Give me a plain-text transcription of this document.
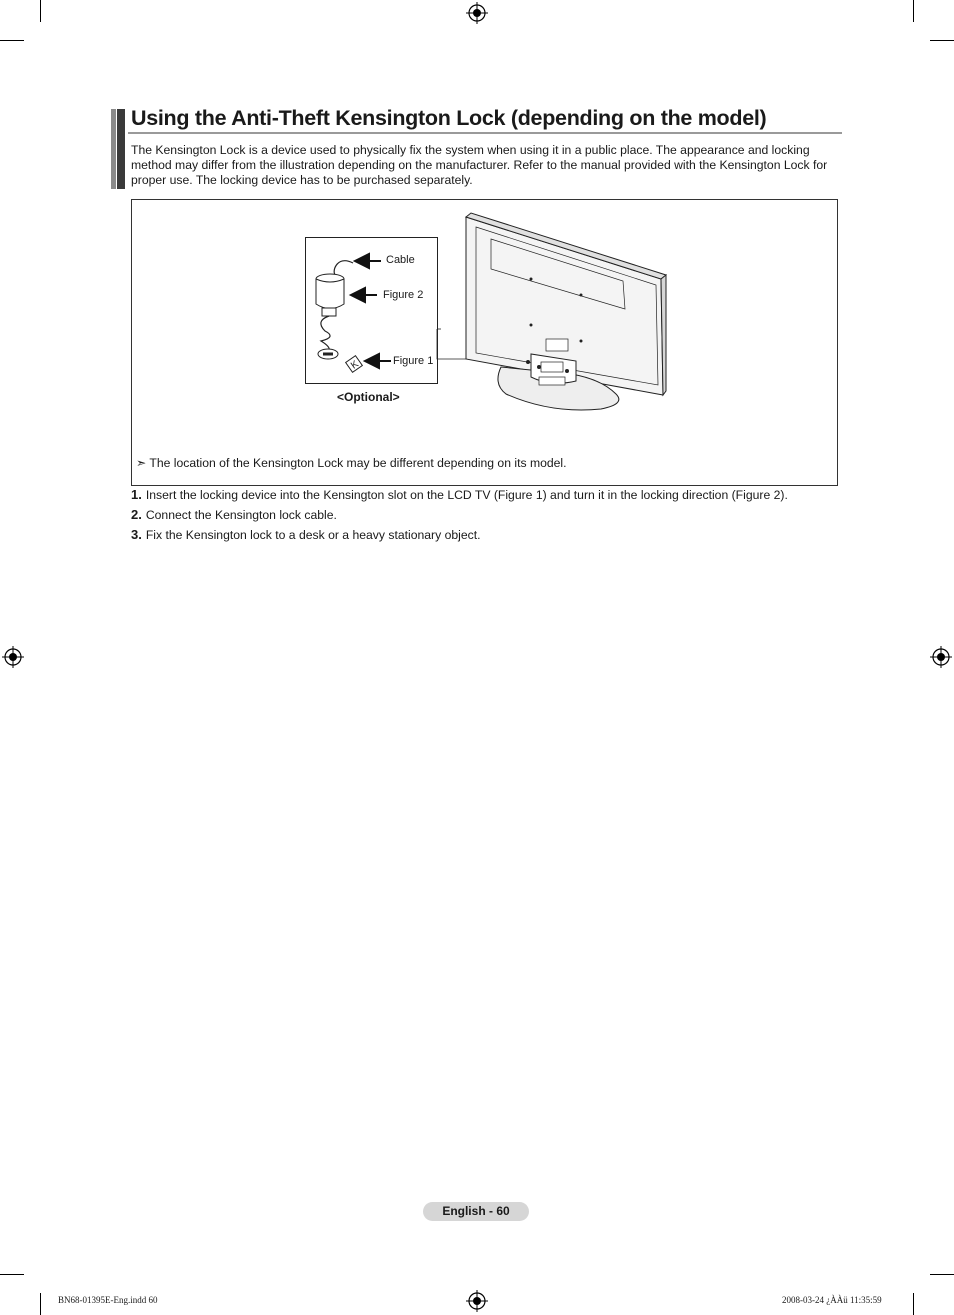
Using the Anti-Theft Kensington Lock (depending on the model)
The Kensington Lock is a device used to physically fix the system when using it in a public place. The appearance and locking method may differ from the illustration depending on the manufacturer. Refer to the manual provided with the Kensington Lock for proper use. The locking device has to be purchased separately.
K
Cable
Figure 2
Figure 1
<Optional>
➣ The location of the Kensington Lock may be different depending on its model.
1. Insert the locking device into the Kensington slot on the LCD TV (Figure 1) and turn it in the locking direction (Figure 2).
2. Connect the Kensington lock cable.
3. Fix the Kensington lock to a desk or a heavy stationary object.
English - 60
BN68-01395E-Eng.indd 60	2008-03-24 ¿ÀÀü 11:35:59
